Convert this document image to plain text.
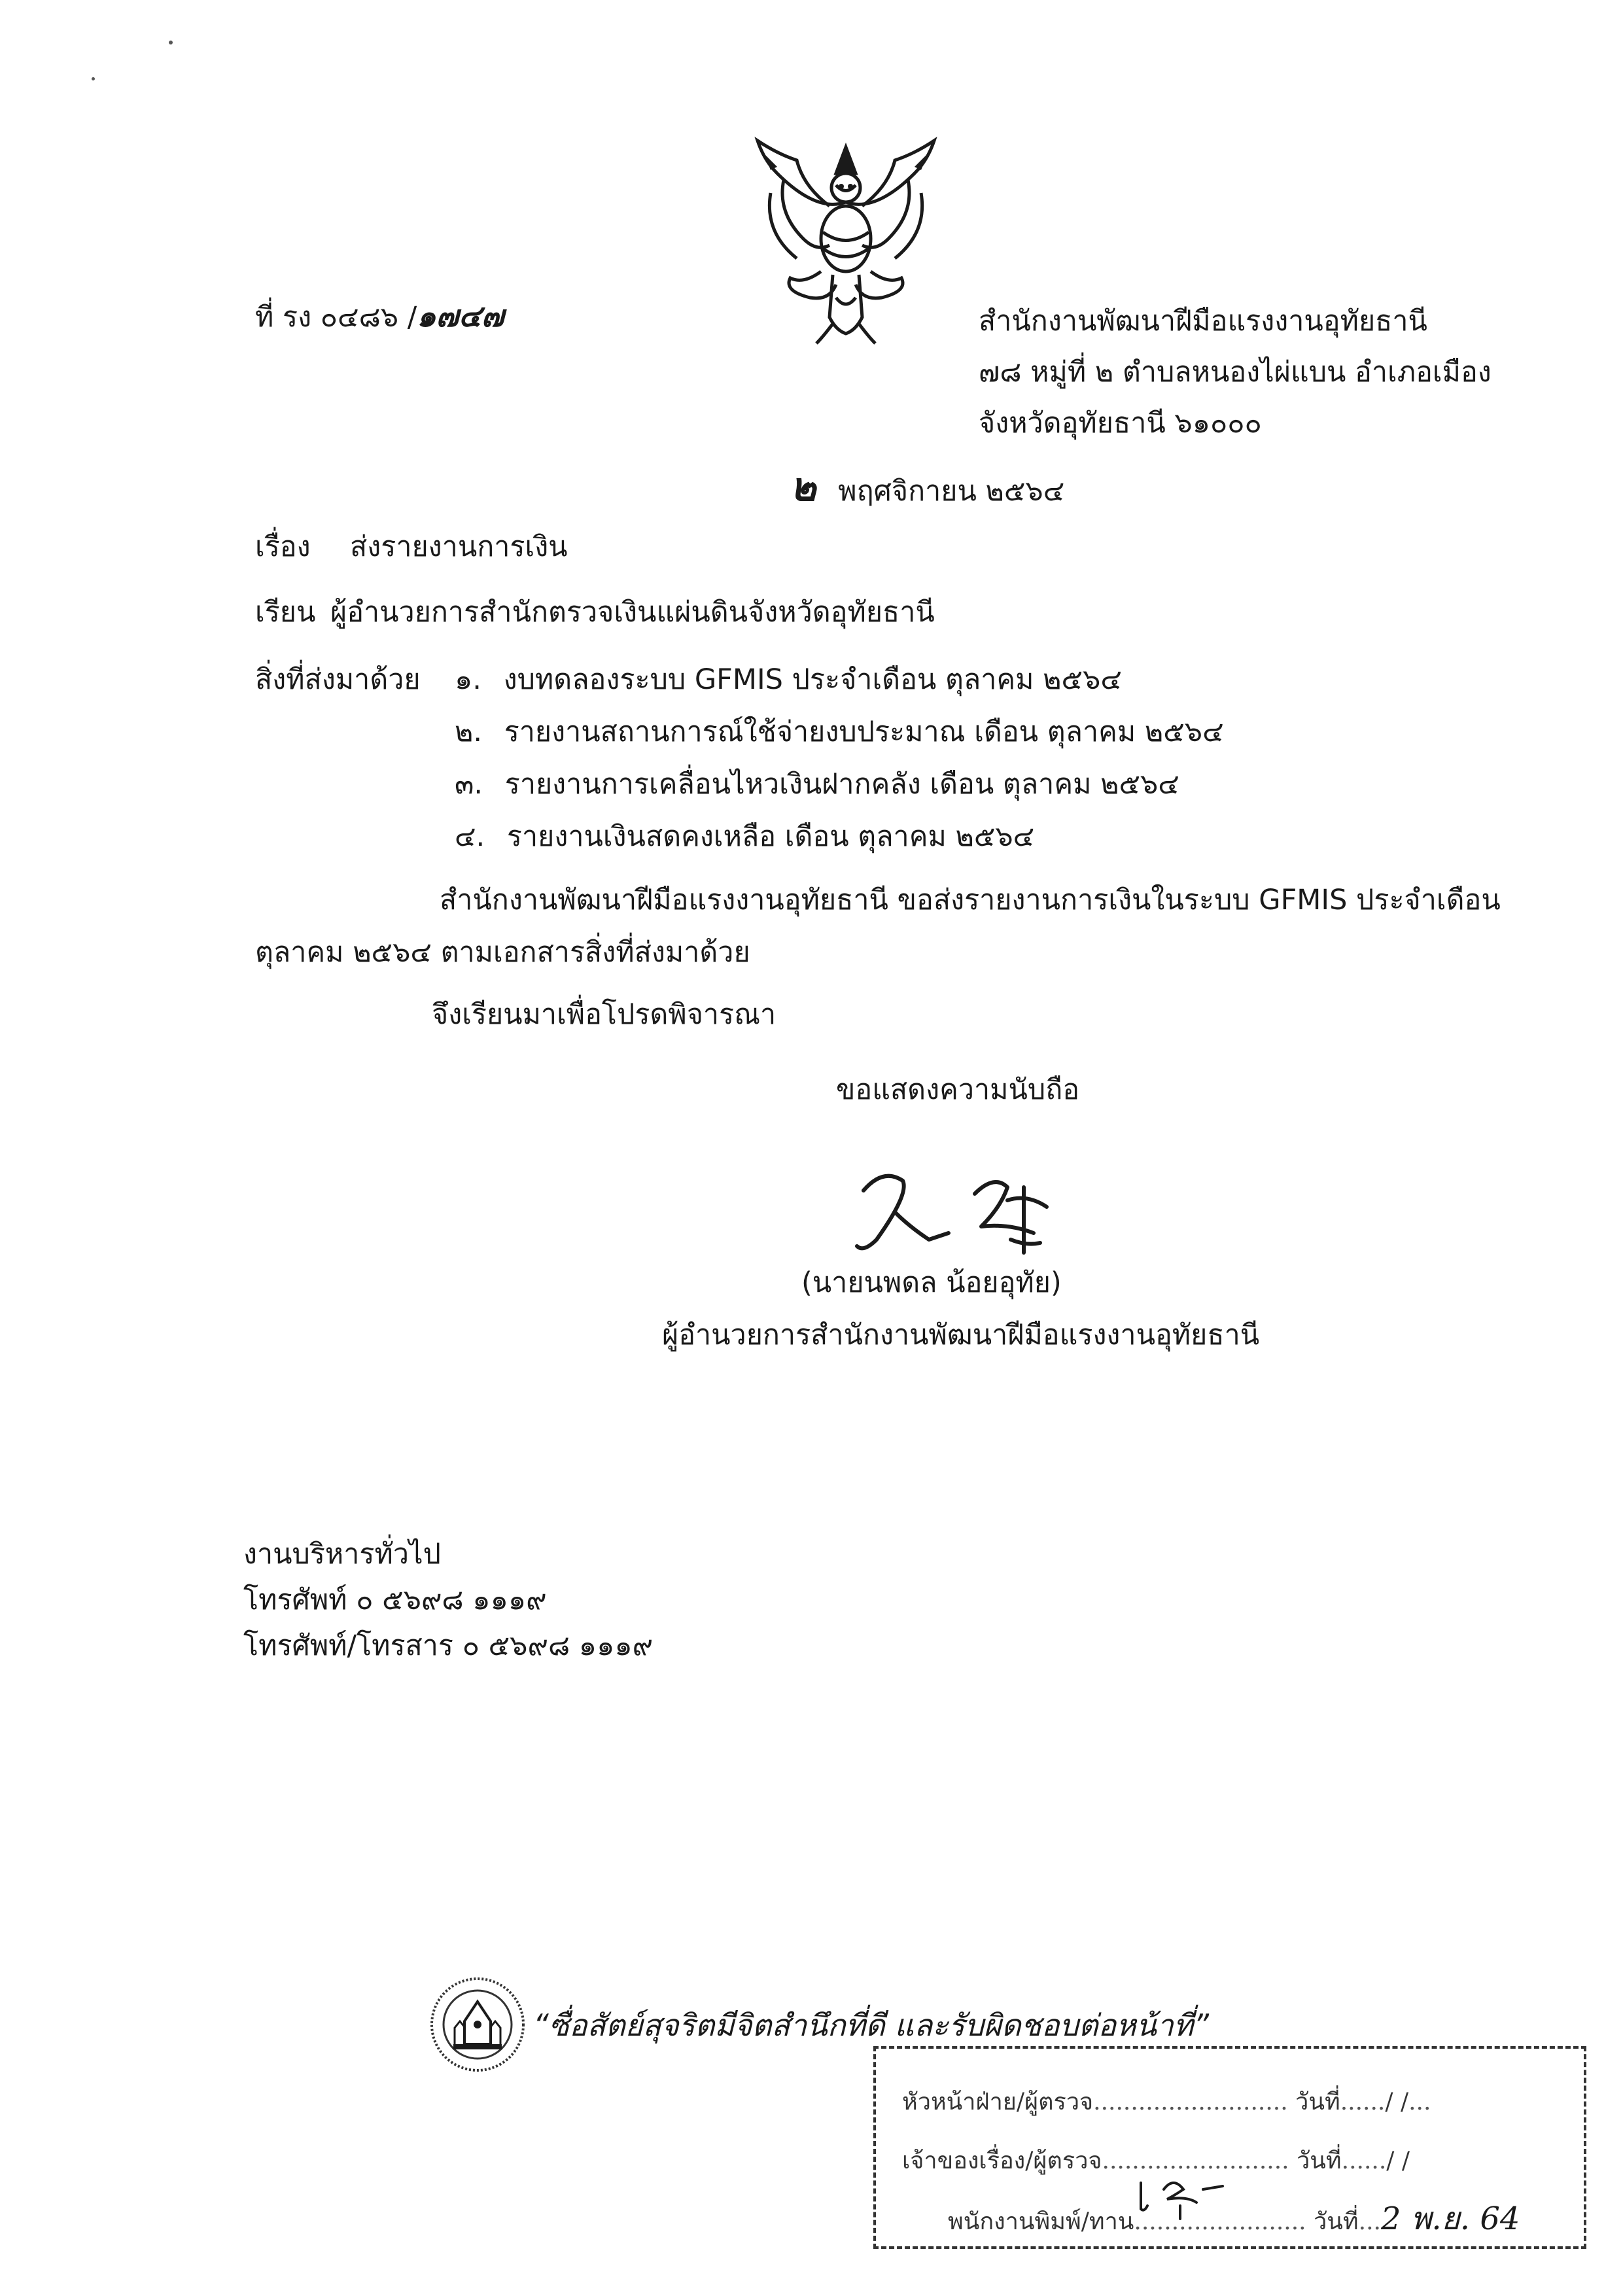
ที่ รง ๐๔๘๖ /๑๗๔๗	สำนักงานพัฒนาฝีมือแรงงานอุทัยธานี
๗๘ หมู่ที่ ๒ ตำบลหนองไผ่แบน อำเภอเมือง
จังหวัดอุทัยธานี ๖๑๐๐๐
๒ พฤศจิกายน ๒๕๖๔
เรื่อง ส่งรายงานการเงิน
เรียน ผู้อำนวยการสำนักตรวจเงินแผ่นดินจังหวัดอุทัยธานี
สิ่งที่ส่งมาด้วย ๑. งบทดลองระบบ GFMIS ประจำเดือน ตุลาคม ๒๕๖๔
๒. รายงานสถานการณ์ใช้จ่ายงบประมาณ เดือน ตุลาคม ๒๕๖๔
๓. รายงานการเคลื่อนไหวเงินฝากคลัง เดือน ตุลาคม ๒๕๖๔
๔. รายงานเงินสดคงเหลือ เดือน ตุลาคม ๒๕๖๔
สำนักงานพัฒนาฝีมือแรงงานอุทัยธานี ขอส่งรายงานการเงินในระบบ GFMIS ประจำเดือน
ตุลาคม ๒๕๖๔ ตามเอกสารสิ่งที่ส่งมาด้วย
จึงเรียนมาเพื่อโปรดพิจารณา
ขอแสดงความนับถือ
(นายนพดล น้อยอุทัย)
ผู้อำนวยการสำนักงานพัฒนาฝีมือแรงงานอุทัยธานี
งานบริหารทั่วไป
โทรศัพท์ ๐ ๕๖๙๘ ๑๑๑๙
โทรศัพท์/โทรสาร ๐ ๕๖๙๘ ๑๑๑๙
“ซื่อสัตย์สุจริตมีจิตสำนึกที่ดี และรับผิดชอบต่อหน้าที่”
หัวหน้าฝ่าย/ผู้ตรวจ.......................... วันที่....../ /...
เจ้าของเรื่อง/ผู้ตรวจ......................... วันที่....../ /
พนักงานพิมพ์/ทาน....................... วันที่...2 พ.ย. 64
